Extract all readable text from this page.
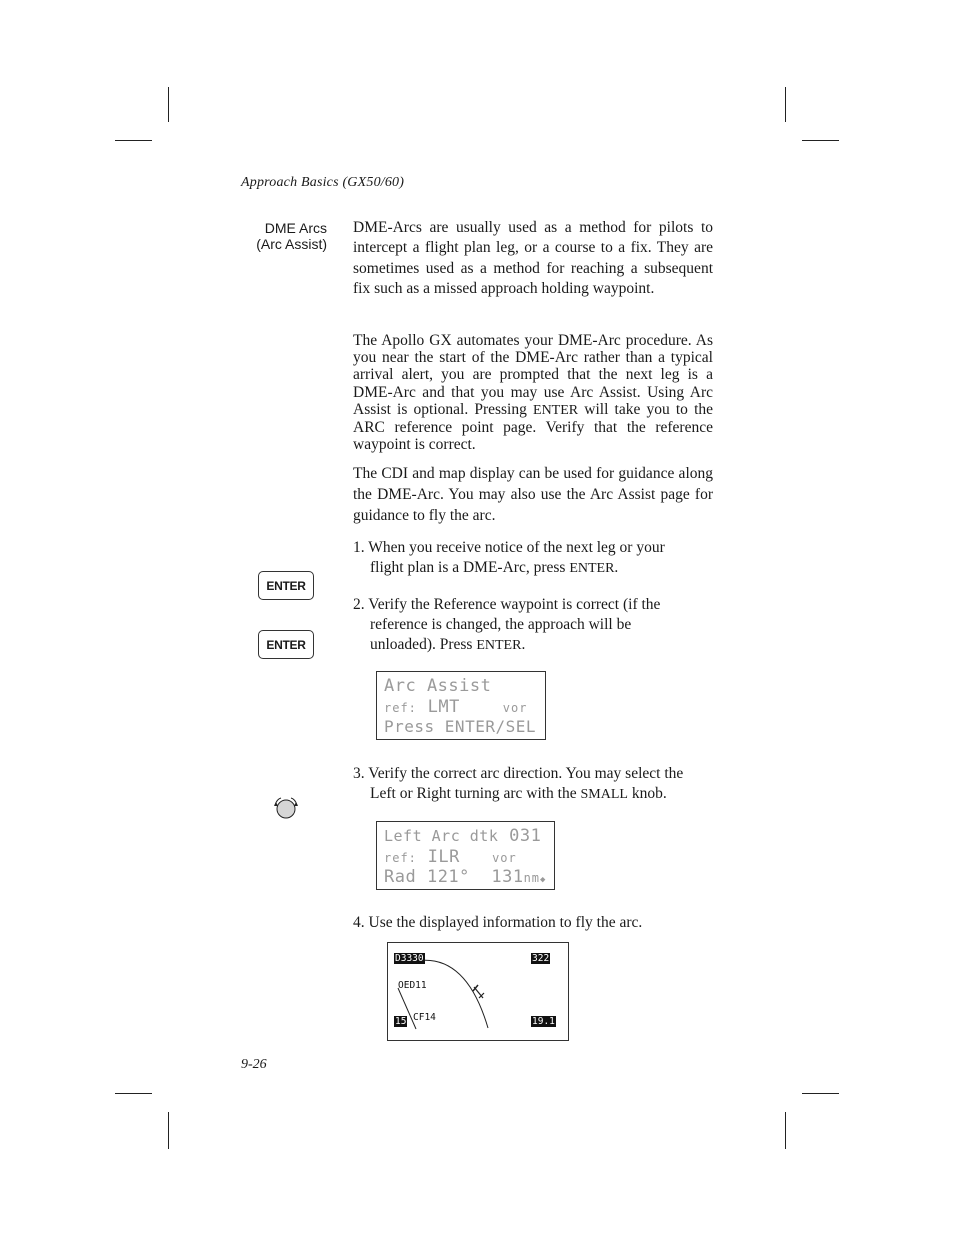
Approach Basics (GX50/60)
DME Arcs
(Arc Assist)
DME-Arcs are usually used as a method for pilots to intercept a flight plan leg, or a course to a fix. They are sometimes used as a method for reaching a subsequent fix such as a missed approach holding waypoint.
The Apollo GX automates your DME-Arc procedure. As you near the start of the DME-Arc rather than a typical arrival alert, you are prompted that the next leg is a DME-Arc and that you may use Arc Assist. Using Arc Assist is optional. Pressing ENTER will take you to the ARC reference point page. Verify that the reference waypoint is correct.
The CDI and map display can be used for guidance along the DME-Arc. You may also use the Arc Assist page for guidance to fly the arc.
1. When you receive notice of the next leg or your
flight plan is a DME-Arc, press ENTER.
2. Verify the Reference waypoint is correct (if the
reference is changed, the approach will be
unloaded). Press ENTER.
3. Verify the correct arc direction. You may select the
Left or Right turning arc with the SMALL knob.
4. Use the displayed information to fly the arc.
ENTER
ENTER
Arc Assist
ref: LMT    vor
Press ENTER/SEL
Left Arc dtk 031
ref: ILR   vor
Rad 121°  131nm◆
D3330	322
OED11
CF14
15	19.1
9-26
